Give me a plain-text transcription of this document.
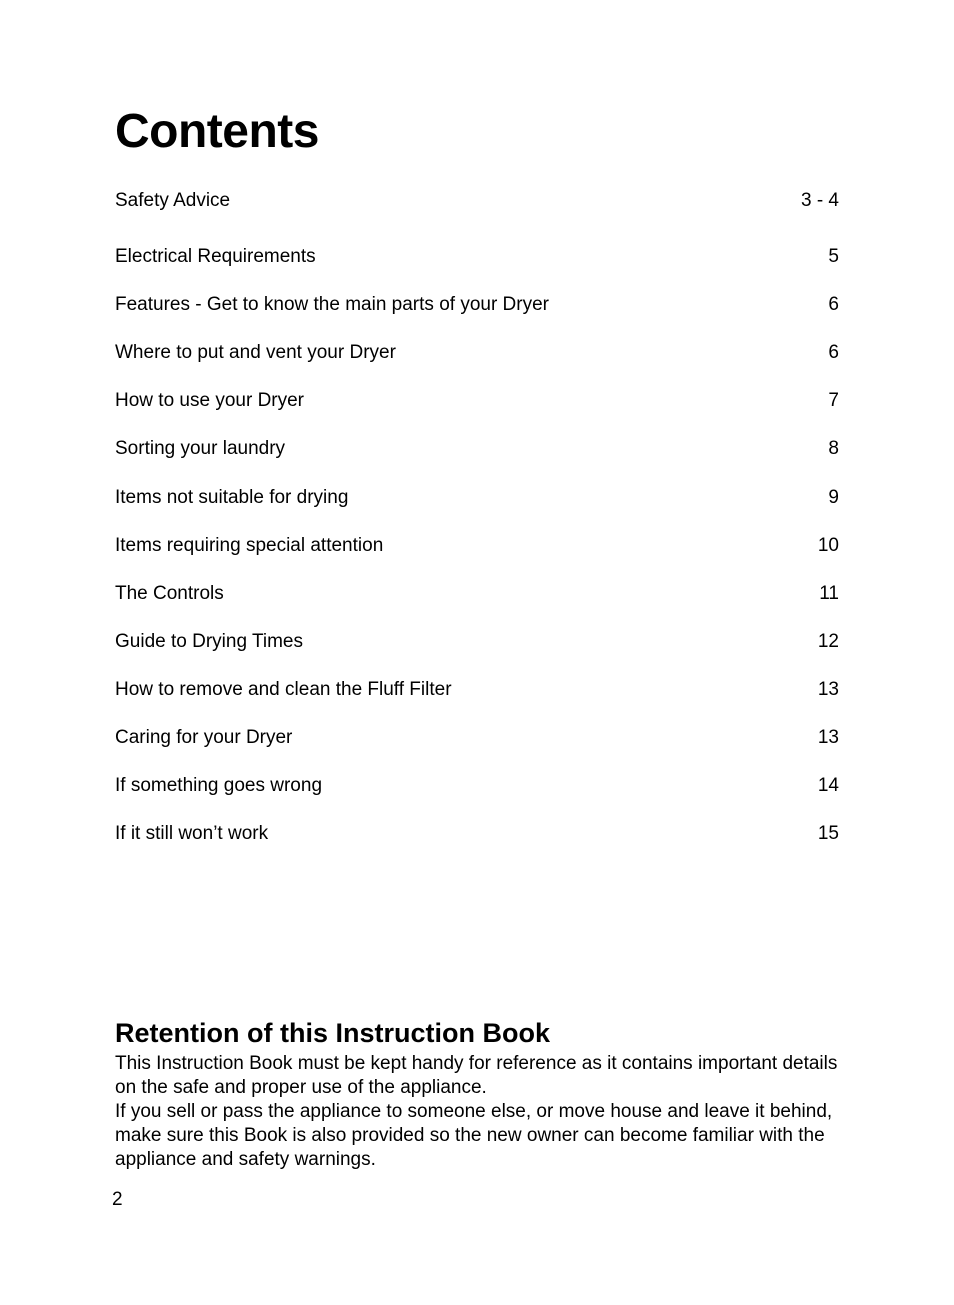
Contents
Safety Advice	3 - 4
Electrical Requirements	5
Features - Get to know the main parts of your Dryer	6
Where to put and vent your Dryer	6
How to use your Dryer	7
Sorting your laundry	8
Items not suitable for drying	9
Items requiring special attention	10
The Controls	11
Guide to Drying Times	12
How to remove and clean the Fluff Filter	13
Caring for your Dryer	13
If something goes wrong	14
If it still won’t work	15
Retention of this Instruction Book

This Instruction Book must be kept handy for reference as it contains important details on the safe and proper use of the appliance.

If you sell or pass the appliance to someone else, or move house and leave it behind, make sure this Book is also provided so the new owner can become familiar with the appliance and safety warnings.

2
